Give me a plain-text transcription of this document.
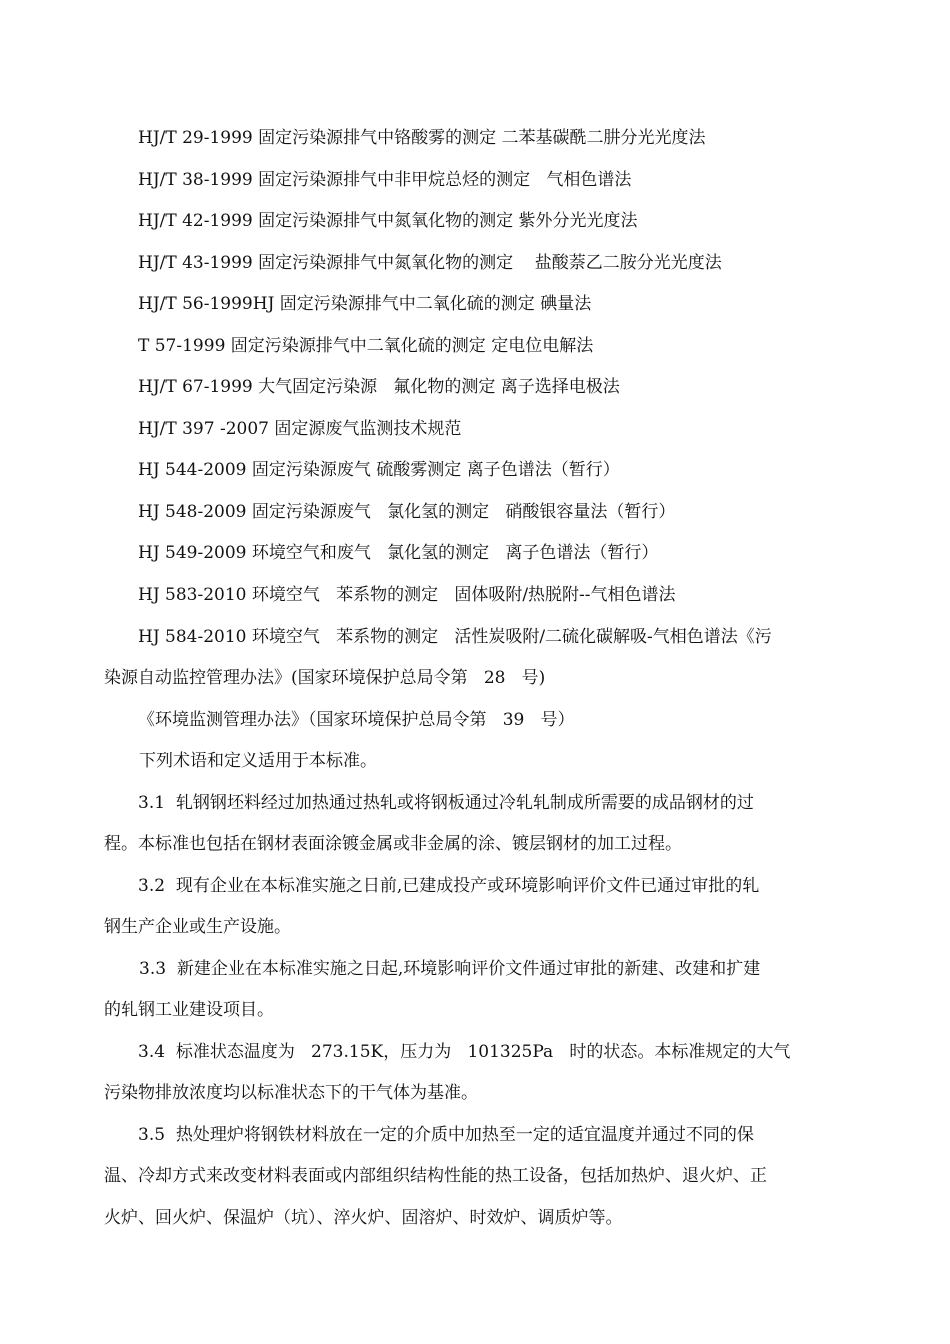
HJ/T 29-1999 固定污染源排气中铬酸雾的测定 二苯基碳酰二肼分光光度法
HJ/T 38-1999 固定污染源排气中非甲烷总烃的测定   气相色谱法
HJ/T 42-1999 固定污染源排气中氮氧化物的测定 紫外分光光度法
HJ/T 43-1999 固定污染源排气中氮氧化物的测定    盐酸萘乙二胺分光光度法
HJ/T 56-1999HJ 固定污染源排气中二氧化硫的测定 碘量法
T 57-1999 固定污染源排气中二氧化硫的测定 定电位电解法
HJ/T 67-1999 大气固定污染源   氟化物的测定 离子选择电极法
HJ/T 397 -2007 固定源废气监测技术规范
HJ 544-2009 固定污染源废气 硫酸雾测定 离子色谱法（暂行）
HJ 548-2009 固定污染源废气   氯化氢的测定   硝酸银容量法（暂行）
HJ 549-2009 环境空气和废气   氯化氢的测定   离子色谱法（暂行）
HJ 583-2010 环境空气   苯系物的测定   固体吸附/热脱附--气相色谱法
HJ 584-2010 环境空气   苯系物的测定   活性炭吸附/二硫化碳解吸-气相色谱法《污
染源自动监控管理办法》(国家环境保护总局令第   28   号)
《环境监测管理办法》（国家环境保护总局令第   39   号）
下列术语和定义适用于本标准。
3.1  轧钢钢坯料经过加热通过热轧或将钢板通过冷轧轧制成所需要的成品钢材的过
程。本标准也包括在钢材表面涂镀金属或非金属的涂、镀层钢材的加工过程。
3.2  现有企业在本标准实施之日前,已建成投产或环境影响评价文件已通过审批的轧
钢生产企业或生产设施。
3.3  新建企业在本标准实施之日起,环境影响评价文件通过审批的新建、改建和扩建
的轧钢工业建设项目。
3.4  标准状态温度为   273.15K，压力为   101325Pa   时的状态。本标准规定的大气
污染物排放浓度均以标准状态下的干气体为基准。
3.5  热处理炉将钢铁材料放在一定的介质中加热至一定的适宜温度并通过不同的保
温、冷却方式来改变材料表面或内部组织结构性能的热工设备，包括加热炉、退火炉、正
火炉、回火炉、保温炉（坑）、淬火炉、固溶炉、时效炉、调质炉等。
